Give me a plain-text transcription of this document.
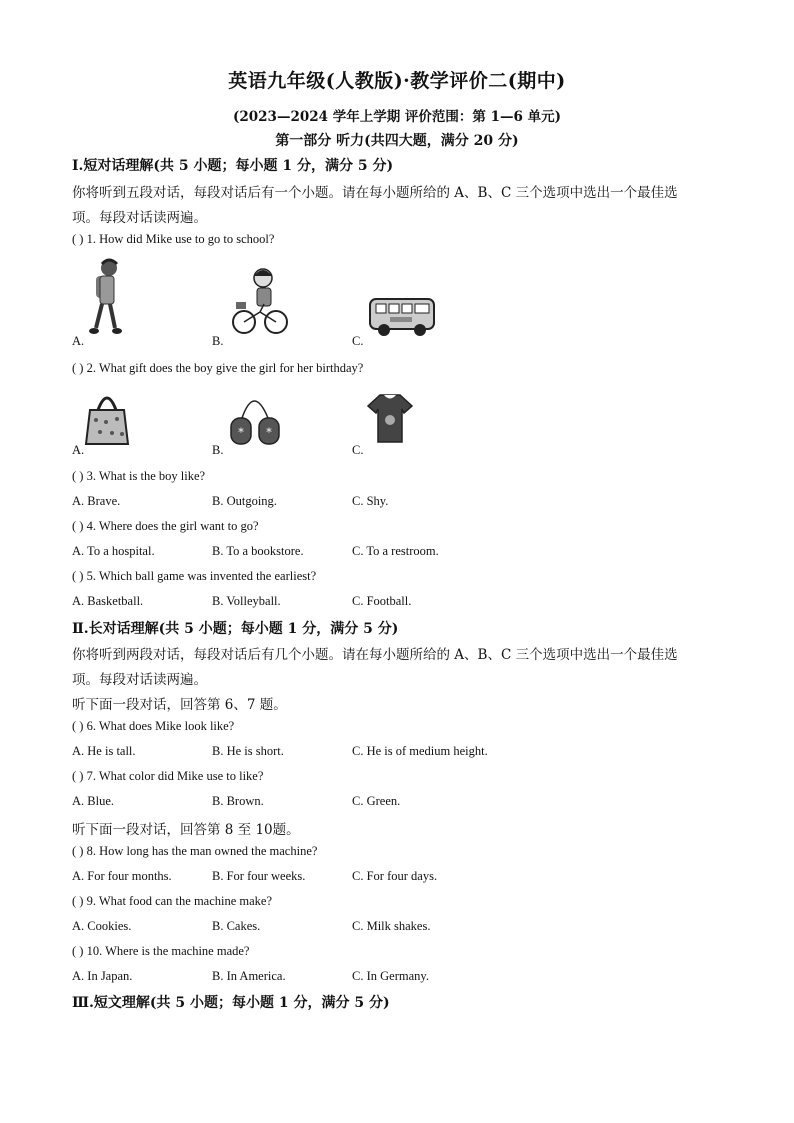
英语九年级(人教版)·教学评价二(期中)
(2023—2024 学年上学期 评价范围：第 1—6 单元)
第一部分 听力(共四大题，满分 20 分)
Ⅰ.短对话理解(共 5 小题；每小题 1 分，满分 5 分)
你将听到五段对话，每段对话后有一个小题。请在每小题所给的 A、B、C 三个选项中选出一个最佳选
项。每段对话读两遍。
( ) 1. How did Mike use to go to school?
A.	B.	C.
( ) 2. What gift does the boy give the girl for her birthday?
* *
A.	B.	C.
( ) 3. What is the boy like?
A. Brave.	B. Outgoing.	C. Shy.
( ) 4. Where does the girl want to go?
A. To a hospital.	B. To a bookstore.	C. To a restroom.
( ) 5. Which ball game was invented the earliest?
A. Basketball.	B. Volleyball.	C. Football.
Ⅱ.长对话理解(共 5 小题；每小题 1 分，满分 5 分)
你将听到两段对话，每段对话后有几个小题。请在每小题所给的 A、B、C 三个选项中选出一个最佳选
项。每段对话读两遍。
听下面一段对话，回答第 6、7 题。
( ) 6. What does Mike look like?
A. He is tall.	B. He is short.	C. He is of medium height.
( ) 7. What color did Mike use to like?
A. Blue.	B. Brown.	C. Green.
听下面一段对话，回答第 8 至 10题。
( ) 8. How long has the man owned the machine?
A. For four months.	B. For four weeks.	C. For four days.
( ) 9. What food can the machine make?
A. Cookies.	B. Cakes.	C. Milk shakes.
( ) 10. Where is the machine made?
A. In Japan.	B. In America.	C. In Germany.
Ⅲ.短文理解(共 5 小题；每小题 1 分，满分 5 分)
